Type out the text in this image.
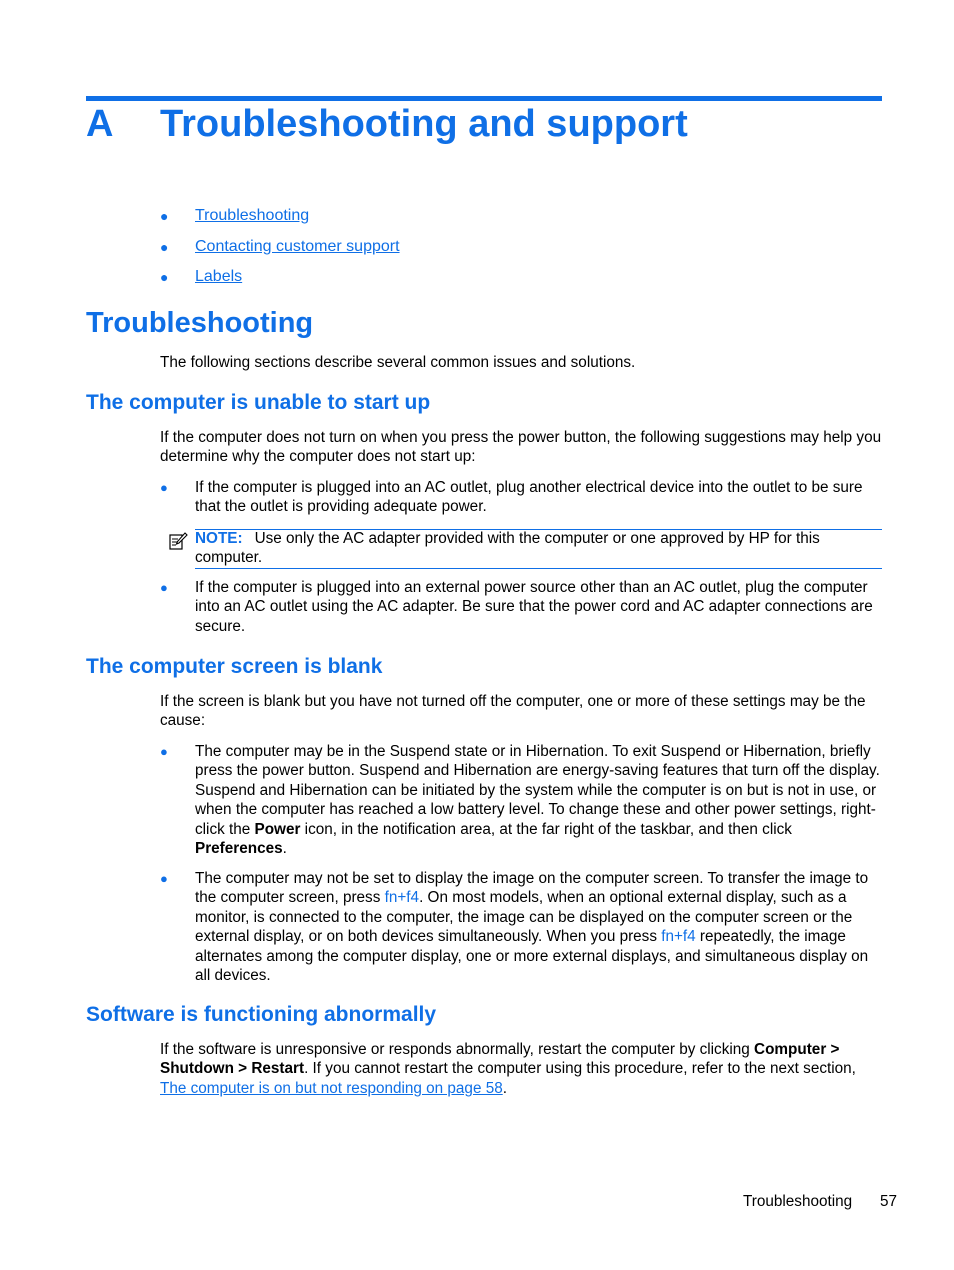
A Troubleshooting and support
● Troubleshooting
● Contacting customer support
● Labels
Troubleshooting
The following sections describe several common issues and solutions.
The computer is unable to start up
If the computer does not turn on when you press the power button, the following suggestions may help you determine why the computer does not start up:
● If the computer is plugged into an AC outlet, plug another electrical device into the outlet to be sure that the outlet is providing adequate power.
NOTE: Use only the AC adapter provided with the computer or one approved by HP for this computer.
● If the computer is plugged into an external power source other than an AC outlet, plug the computer into an AC outlet using the AC adapter. Be sure that the power cord and AC adapter connections are secure.
The computer screen is blank
If the screen is blank but you have not turned off the computer, one or more of these settings may be the cause:
● The computer may be in the Suspend state or in Hibernation. To exit Suspend or Hibernation, briefly press the power button. Suspend and Hibernation are energy-saving features that turn off the display. Suspend and Hibernation can be initiated by the system while the computer is on but is not in use, or when the computer has reached a low battery level. To change these and other power settings, right-click the Power icon, in the notification area, at the far right of the taskbar, and then click Preferences.
● The computer may not be set to display the image on the computer screen. To transfer the image to the computer screen, press fn+f4. On most models, when an optional external display, such as a monitor, is connected to the computer, the image can be displayed on the computer screen or the external display, or on both devices simultaneously. When you press fn+f4 repeatedly, the image alternates among the computer display, one or more external displays, and simultaneous display on all devices.
Software is functioning abnormally
If the software is unresponsive or responds abnormally, restart the computer by clicking Computer > Shutdown > Restart. If you cannot restart the computer using this procedure, refer to the next section, The computer is on but not responding on page 58.
Troubleshooting 57
